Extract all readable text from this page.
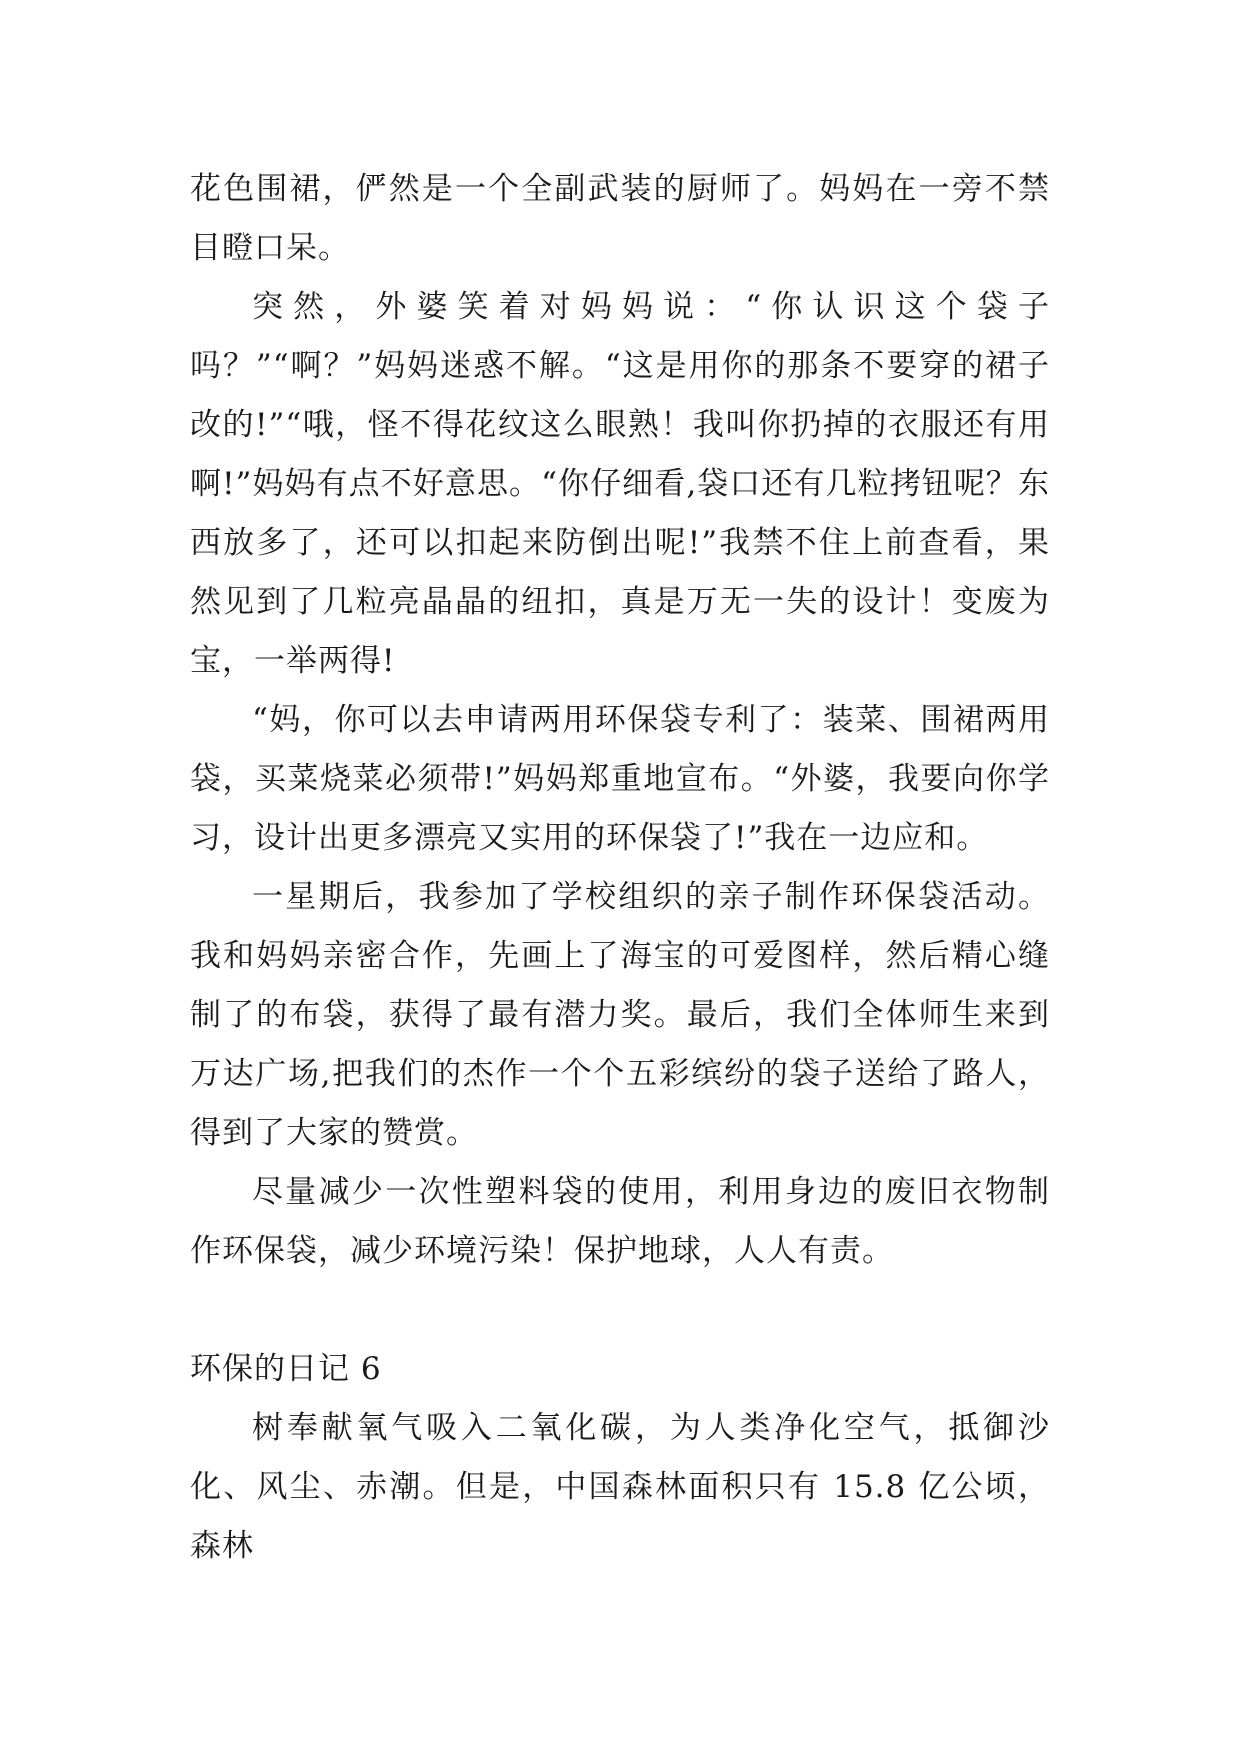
花色围裙，俨然是一个全副武装的厨师了。妈妈在一旁不禁目瞪口呆。

突然，外婆笑着对妈妈说：“你认识这个袋子吗？”“啊？”妈妈迷惑不解。“这是用你的那条不要穿的裙子改的!”“哦，怪不得花纹这么眼熟！我叫你扔掉的衣服还有用啊!”妈妈有点不好意思。“你仔细看,袋口还有几粒拷钮呢？东西放多了，还可以扣起来防倒出呢!”我禁不住上前查看，果然见到了几粒亮晶晶的纽扣，真是万无一失的设计！变废为宝，一举两得!

“妈，你可以去申请两用环保袋专利了：装菜、围裙两用袋，买菜烧菜必须带!”妈妈郑重地宣布。“外婆，我要向你学习，设计出更多漂亮又实用的环保袋了!”我在一边应和。

一星期后，我参加了学校组织的亲子制作环保袋活动。我和妈妈亲密合作，先画上了海宝的可爱图样，然后精心缝制了的布袋，获得了最有潜力奖。最后，我们全体师生来到万达广场,把我们的杰作一个个五彩缤纷的袋子送给了路人，得到了大家的赞赏。

尽量减少一次性塑料袋的使用，利用身边的废旧衣物制作环保袋，减少环境污染！保护地球，人人有责。

环保的日记 6

树奉献氧气吸入二氧化碳，为人类净化空气，抵御沙化、风尘、赤潮。但是，中国森林面积只有 15.8 亿公顷，森林
